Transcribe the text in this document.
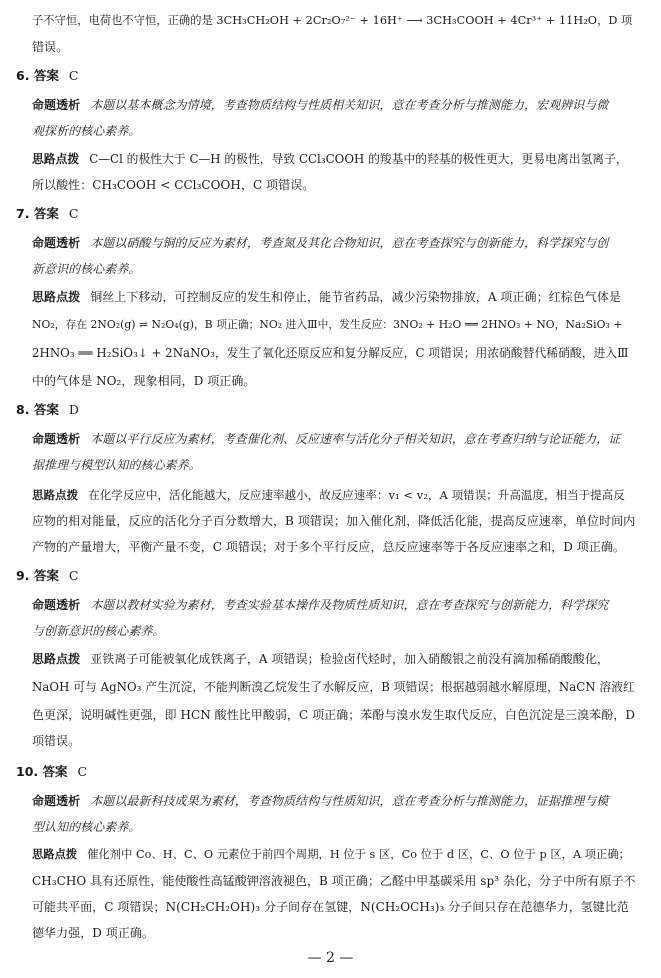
子不守恒，电荷也不守恒，正确的是 3CH₃CH₂OH + 2Cr₂O₇²⁻ + 16H⁺ ⟶ 3CH₃COOH + 4Cr³⁺ + 11H₂O，D 项
错误。
6. 答案 C
命题透析 本题以基本概念为情境，考查物质结构与性质相关知识，意在考查分析与推测能力，宏观辨识与微
观探析的核心素养。
思路点拨 C—Cl 的极性大于 C—H 的极性，导致 CCl₃COOH 的羧基中的羟基的极性更大，更易电离出氢离子，
所以酸性：CH₃COOH < CCl₃COOH，C 项错误。
7. 答案 C
命题透析 本题以硝酸与铜的反应为素材，考查氮及其化合物知识，意在考查探究与创新能力，科学探究与创
新意识的核心素养。
思路点拨 铜丝上下移动，可控制反应的发生和停止，能节省药品，减少污染物排放，A 项正确；红棕色气体是
NO₂，存在 2NO₂(g) ⇌ N₂O₄(g)，B 项正确；NO₂ 进入Ⅲ中，发生反应：3NO₂ + H₂O ══ 2HNO₃ + NO，Na₂SiO₃ +
2HNO₃ ══ H₂SiO₃↓ + 2NaNO₃，发生了氧化还原反应和复分解反应，C 项错误；用浓硝酸替代稀硝酸，进入Ⅲ
中的气体是 NO₂，现象相同，D 项正确。
8. 答案 D
命题透析 本题以平行反应为素材，考查催化剂、反应速率与活化分子相关知识，意在考查归纳与论证能力，证
据推理与模型认知的核心素养。
思路点拨 在化学反应中，活化能越大，反应速率越小，故反应速率：v₁ < v₂，A 项错误；升高温度，相当于提高反
应物的相对能量，反应的活化分子百分数增大，B 项错误；加入催化剂，降低活化能，提高反应速率，单位时间内
产物的产量增大，平衡产量不变，C 项错误；对于多个平行反应，总反应速率等于各反应速率之和，D 项正确。
9. 答案 C
命题透析 本题以教材实验为素材，考查实验基本操作及物质性质知识，意在考查探究与创新能力，科学探究
与创新意识的核心素养。
思路点拨 亚铁离子可能被氧化成铁离子，A 项错误；检验卤代烃时，加入硝酸银之前没有滴加稀硝酸酸化，
NaOH 可与 AgNO₃ 产生沉淀，不能判断溴乙烷发生了水解反应，B 项错误；根据越弱越水解原理，NaCN 溶液红
色更深，说明碱性更强，即 HCN 酸性比甲酸弱，C 项正确；苯酚与溴水发生取代反应，白色沉淀是三溴苯酚，D
项错误。
10. 答案 C
命题透析 本题以最新科技成果为素材，考查物质结构与性质知识，意在考查分析与推测能力，证据推理与模
型认知的核心素养。
思路点拨 催化剂中 Co、H、C、O 元素位于前四个周期，H 位于 s 区，Co 位于 d 区，C、O 位于 p 区，A 项正确；
CH₃CHO 具有还原性，能使酸性高锰酸钾溶液褪色，B 项正确；乙醛中甲基碳采用 sp³ 杂化，分子中所有原子不
可能共平面，C 项错误；N(CH₂CH₂OH)₃ 分子间存在氢键，N(CH₂OCH₃)₃ 分子间只存在范德华力，氢键比范
德华力强，D 项正确。
— 2 —
